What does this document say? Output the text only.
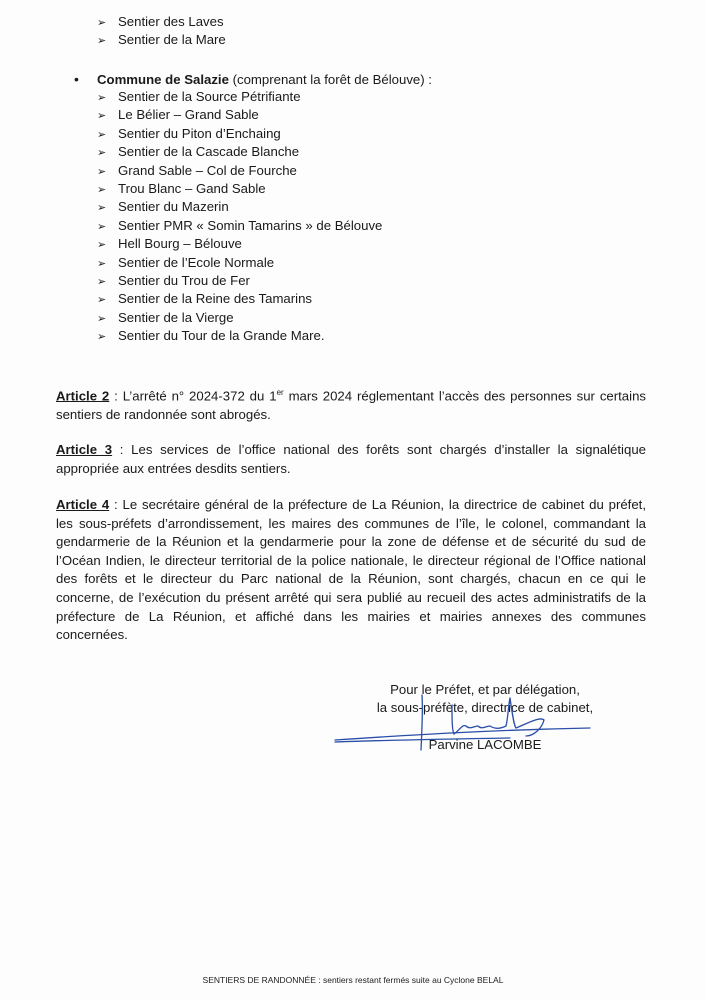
➢ Sentier des Laves
➢ Sentier de la Mare
• Commune de Salazie (comprenant la forêt de Bélouve) :
➢ Sentier de la Source Pétrifiante
➢ Le Bélier – Grand Sable
➢ Sentier du Piton d’Enchaing
➢ Sentier de la Cascade Blanche
➢ Grand Sable – Col de Fourche
➢ Trou Blanc – Gand Sable
➢ Sentier du Mazerin
➢ Sentier PMR « Somin Tamarins » de Bélouve
➢ Hell Bourg – Bélouve
➢ Sentier de l’Ecole Normale
➢ Sentier du Trou de Fer
➢ Sentier de la Reine des Tamarins
➢ Sentier de la Vierge
➢ Sentier du Tour de la Grande Mare.

Article 2 : L’arrêté n° 2024-372 du 1er mars 2024 réglementant l’accès des personnes sur certains sentiers de randonnée sont abrogés.

Article 3 : Les services de l’office national des forêts sont chargés d’installer la signalétique appropriée aux entrées desdits sentiers.

Article 4 : Le secrétaire général de la préfecture de La Réunion, la directrice de cabinet du préfet, les sous-préfets d’arrondissement, les maires des communes de l’île, le colonel, commandant la gendarmerie de la Réunion et la gendarmerie pour la zone de défense et de sécurité du sud de l’Océan Indien, le directeur territorial de la police nationale, le directeur régional de l’Office national des forêts et le directeur du Parc national de la Réunion, sont chargés, chacun en ce qui le concerne, de l’exécution du présent arrêté qui sera publié au recueil des actes administratifs de la préfecture de La Réunion, et affiché dans les mairies et mairies annexes des communes concernées.

Pour le Préfet, et par délégation,
la sous-préfète, directrice de cabinet,
Parvine LACOMBE
SENTIERS DE RANDONNÉE : sentiers restant fermés suite au Cyclone BELAL
